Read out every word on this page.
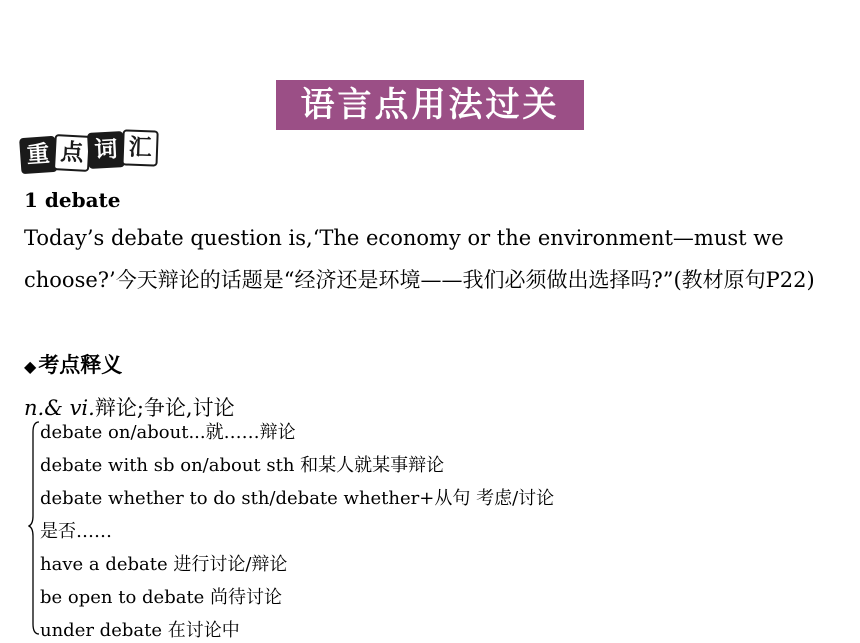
语言点用法过关
重 点 词 汇
1 debate
Today’s debate question is,‘The economy or the environment—must we choose?’今天辩论的话题是“经济还是环境——我们必须做出选择吗?”(教材原句P22)
◆考点释义
n.& vi.辩论;争论,讨论
debate on/about...就……辩论
debate with sb on/about sth 和某人就某事辩论
debate whether to do sth/debate whether+从句 考虑/讨论
是否……
have a debate 进行讨论/辩论
be open to debate 尚待讨论
under debate 在讨论中
